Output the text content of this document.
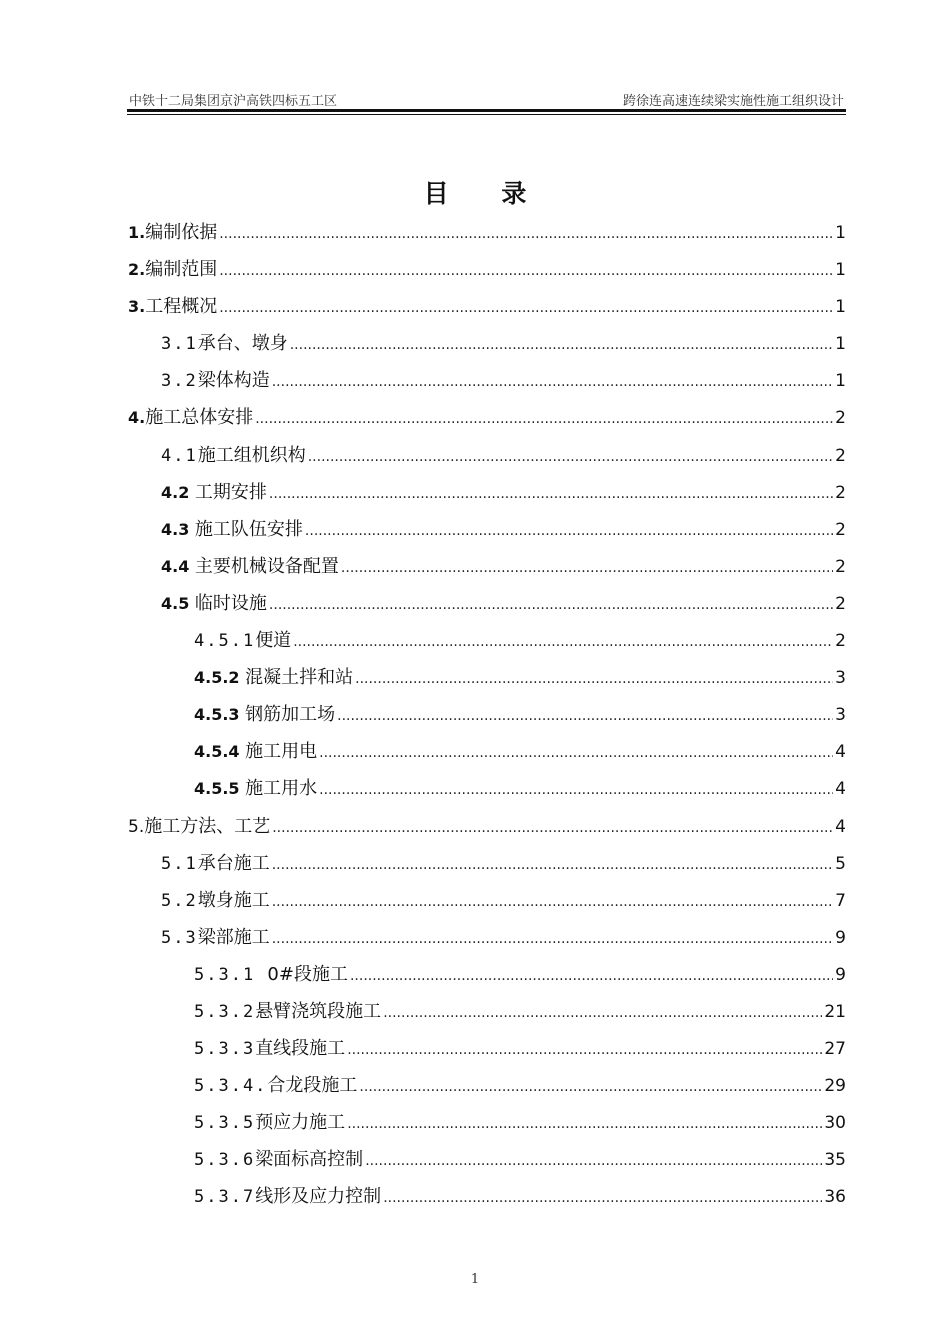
中铁十二局集团京沪高铁四标五工区	跨徐连高速连续梁实施性施工组织设计
目 录
1. 编制依据 .....	1
2. 编制范围 .....	1
3. 工程概况 .....	1
3.1 承台、墩身 .....	1
3.2 梁体构造 .....	1
4. 施工总体安排 .....	2
4.1 施工组机织构 .....	2
4.2 工期安排 .....	2
4.3 施工队伍安排 .....	2
4.4 主要机械设备配置 .....	2
4.5 临时设施 .....	2
4.5.1 便道 .....	2
4.5.2 混凝土拌和站 .....	3
4.5.3 钢筋加工场 .....	3
4.5.4 施工用电 .....	4
4.5.5 施工用水 .....	4
5. 施工方法、工艺 .....	4
5.1 承台施工 .....	5
5.2 墩身施工 .....	7
5.3 梁部施工 .....	9
5.3.1 0#段施工 .....	9
5.3.2 悬臂浇筑段施工 .....	21
5.3.3 直线段施工 .....	27
5.3.4. 合龙段施工 .....	29
5.3.5 预应力施工 .....	30
5.3.6 梁面标高控制 .....	35
5.3.7 线形及应力控制 .....	36
1
